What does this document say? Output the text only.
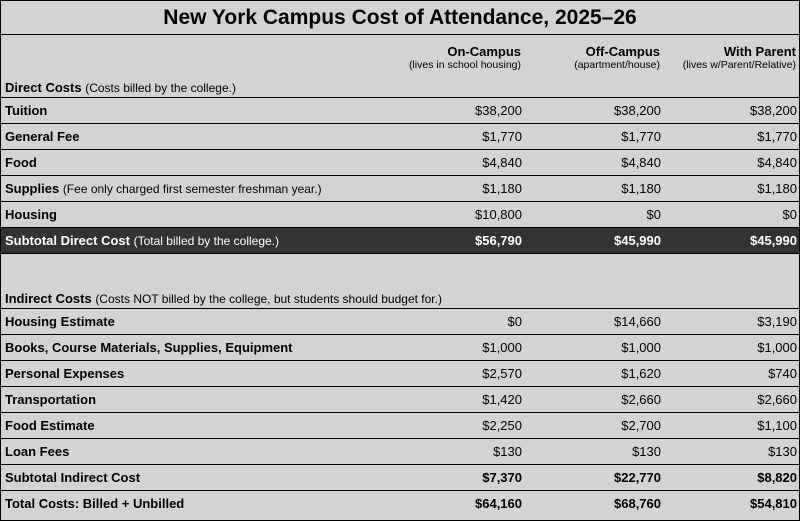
New York Campus Cost of Attendance, 2025–26
	On-Campus	Off-Campus	With Parent
	(lives in school housing)	(apartment/house)	(lives w/Parent/Relative)
Direct Costs (Costs billed by the college.)			
Tuition	$38,200	$38,200	$38,200
General Fee	$1,770	$1,770	$1,770
Food	$4,840	$4,840	$4,840
Supplies (Fee only charged first semester freshman year.)	$1,180	$1,180	$1,180
Housing	$10,800	$0	$0
Subtotal Direct Cost (Total billed by the college.)	$56,790	$45,990	$45,990

Indirect Costs (Costs NOT billed by the college, but students should budget for.)			
Housing Estimate	$0	$14,660	$3,190
Books, Course Materials, Supplies, Equipment	$1,000	$1,000	$1,000
Personal Expenses	$2,570	$1,620	$740
Transportation	$1,420	$2,660	$2,660
Food Estimate	$2,250	$2,700	$1,100
Loan Fees	$130	$130	$130
Subtotal Indirect Cost	$7,370	$22,770	$8,820
Total Costs: Billed + Unbilled	$64,160	$68,760	$54,810
